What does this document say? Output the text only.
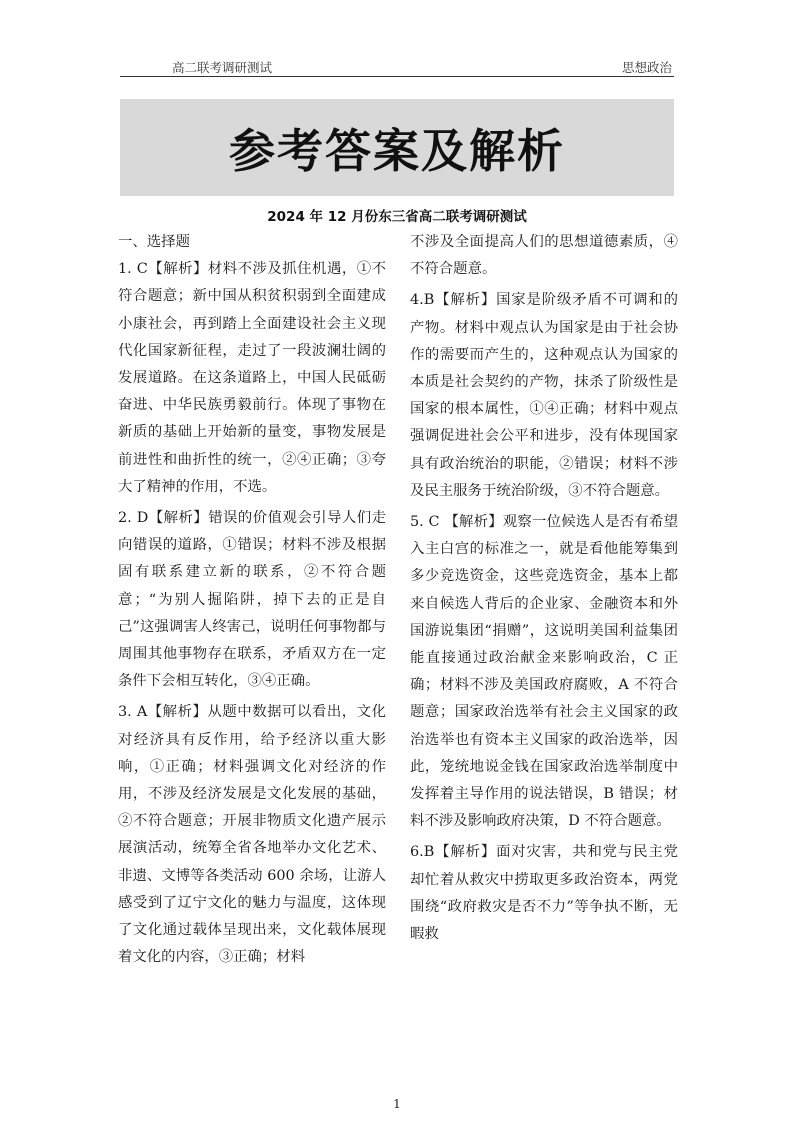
高二联考调研测试	思想政治
参考答案及解析
2024 年 12 月份东三省高二联考调研测试

一、选择题

1. C【解析】材料不涉及抓住机遇，①不符合题意；新中国从积贫积弱到全面建成小康社会，再到踏上全面建设社会主义现代化国家新征程，走过了一段波澜壮阔的发展道路。在这条道路上，中国人民砥砺奋进、中华民族勇毅前行。体现了事物在新质的基础上开始新的量变，事物发展是前进性和曲折性的统一，②④正确；③夸大了精神的作用，不选。

2. D【解析】错误的价值观会引导人们走向错误的道路，①错误；材料不涉及根据固有联系建立新的联系，②不符合题意；“为别人掘陷阱，掉下去的正是自己”这强调害人终害己，说明任何事物都与周围其他事物存在联系，矛盾双方在一定条件下会相互转化，③④正确。

3. A【解析】从题中数据可以看出，文化对经济具有反作用，给予经济以重大影响，①正确；材料强调文化对经济的作用，不涉及经济发展是文化发展的基础，②不符合题意；开展非物质文化遗产展示展演活动，统筹全省各地举办文化艺术、非遗、文博等各类活动 600 余场，让游人感受到了辽宁文化的魅力与温度，这体现了文化通过载体呈现出来，文化载体展现着文化的内容，③正确；材料

不涉及全面提高人们的思想道德素质，④不符合题意。

4.B【解析】国家是阶级矛盾不可调和的产物。材料中观点认为国家是由于社会协作的需要而产生的，这种观点认为国家的本质是社会契约的产物，抹杀了阶级性是国家的根本属性，①④正确；材料中观点强调促进社会公平和进步，没有体现国家具有政治统治的职能，②错误；材料不涉及民主服务于统治阶级，③不符合题意。

5. C 【解析】观察一位候选人是否有希望入主白宫的标准之一，就是看他能筹集到多少竞选资金，这些竞选资金，基本上都来自候选人背后的企业家、金融资本和外国游说集团“捐赠”，这说明美国利益集团能直接通过政治献金来影响政治，C 正确；材料不涉及美国政府腐败，A 不符合题意；国家政治选举有社会主义国家的政治选举也有资本主义国家的政治选举，因此，笼统地说金钱在国家政治选举制度中发挥着主导作用的说法错误，B 错误；材料不涉及影响政府决策，D 不符合题意。

6.B【解析】面对灾害，共和党与民主党却忙着从救灾中捞取更多政治资本，两党围绕“政府救灾是否不力”等争执不断，无暇救

1
